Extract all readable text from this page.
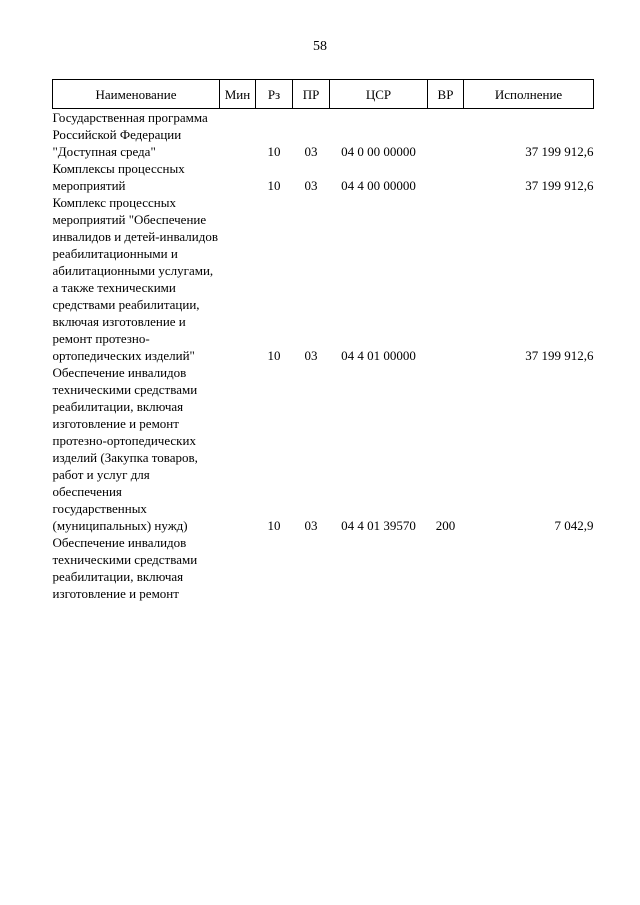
58
Наименование	Мин	Рз	ПР	ЦСР	ВР	Исполнение

Государственная программа Российской Федерации "Доступная среда"		10	03	04 0 00 00000		37 199 912,6

Комплексы процессных мероприятий		10	03	04 4 00 00000		37 199 912,6

Комплекс процессных мероприятий "Обеспечение инвалидов и детей-инвалидов реабилитационными и абилитационными услугами, а также техническими средствами реабилитации, включая изготовление и ремонт протезно-ортопедических изделий"		10	03	04 4 01 00000		37 199 912,6

Обеспечение инвалидов техническими средствами реабилитации, включая изготовление и ремонт протезно-ортопедических изделий (Закупка товаров, работ и услуг для обеспечения государственных (муниципальных) нужд)		10	03	04 4 01 39570	200	7 042,9

Обеспечение инвалидов техническими средствами реабилитации, включая изготовление и ремонт						
